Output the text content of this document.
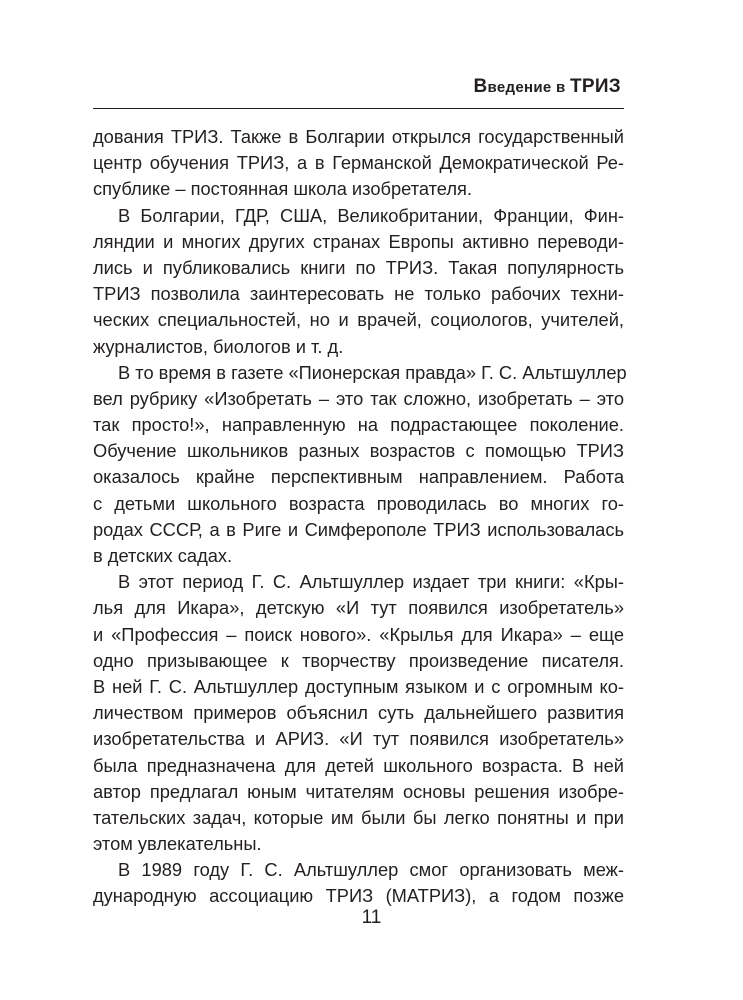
Введение в ТРИЗ
дования ТРИЗ. Также в Болгарии открылся государственный
центр обучения ТРИЗ, а в Германской Демократической Ре-
спублике – постоянная школа изобретателя.
В Болгарии, ГДР, США, Великобритании, Франции, Фин-
ляндии и многих других странах Европы активно переводи-
лись и публиковались книги по ТРИЗ. Такая популярность
ТРИЗ позволила заинтересовать не только рабочих техни-
ческих специальностей, но и врачей, социологов, учителей,
журналистов, биологов и т. д.
В то время в газете «Пионерская правда» Г. С. Альтшуллер
вел рубрику «Изобретать – это так сложно, изобретать – это
так просто!», направленную на подрастающее поколение.
Обучение школьников разных возрастов с помощью ТРИЗ
оказалось крайне перспективным направлением. Работа
с детьми школьного возраста проводилась во многих го-
родах СССР, а в Риге и Симферополе ТРИЗ использовалась
в детских садах.
В этот период Г. С. Альтшуллер издает три книги: «Кры-
лья для Икара», детскую «И тут появился изобретатель»
и «Профессия – поиск нового». «Крылья для Икара» – еще
одно призывающее к творчеству произведение писателя.
В ней Г. С. Альтшуллер доступным языком и с огромным ко-
личеством примеров объяснил суть дальнейшего развития
изобретательства и АРИЗ. «И тут появился изобретатель»
была предназначена для детей школьного возраста. В ней
автор предлагал юным читателям основы решения изобре-
тательских задач, которые им были бы легко понятны и при
этом увлекательны.
В 1989 году Г. С. Альтшуллер смог организовать меж-
дународную ассоциацию ТРИЗ (МАТРИЗ), а годом позже
11
